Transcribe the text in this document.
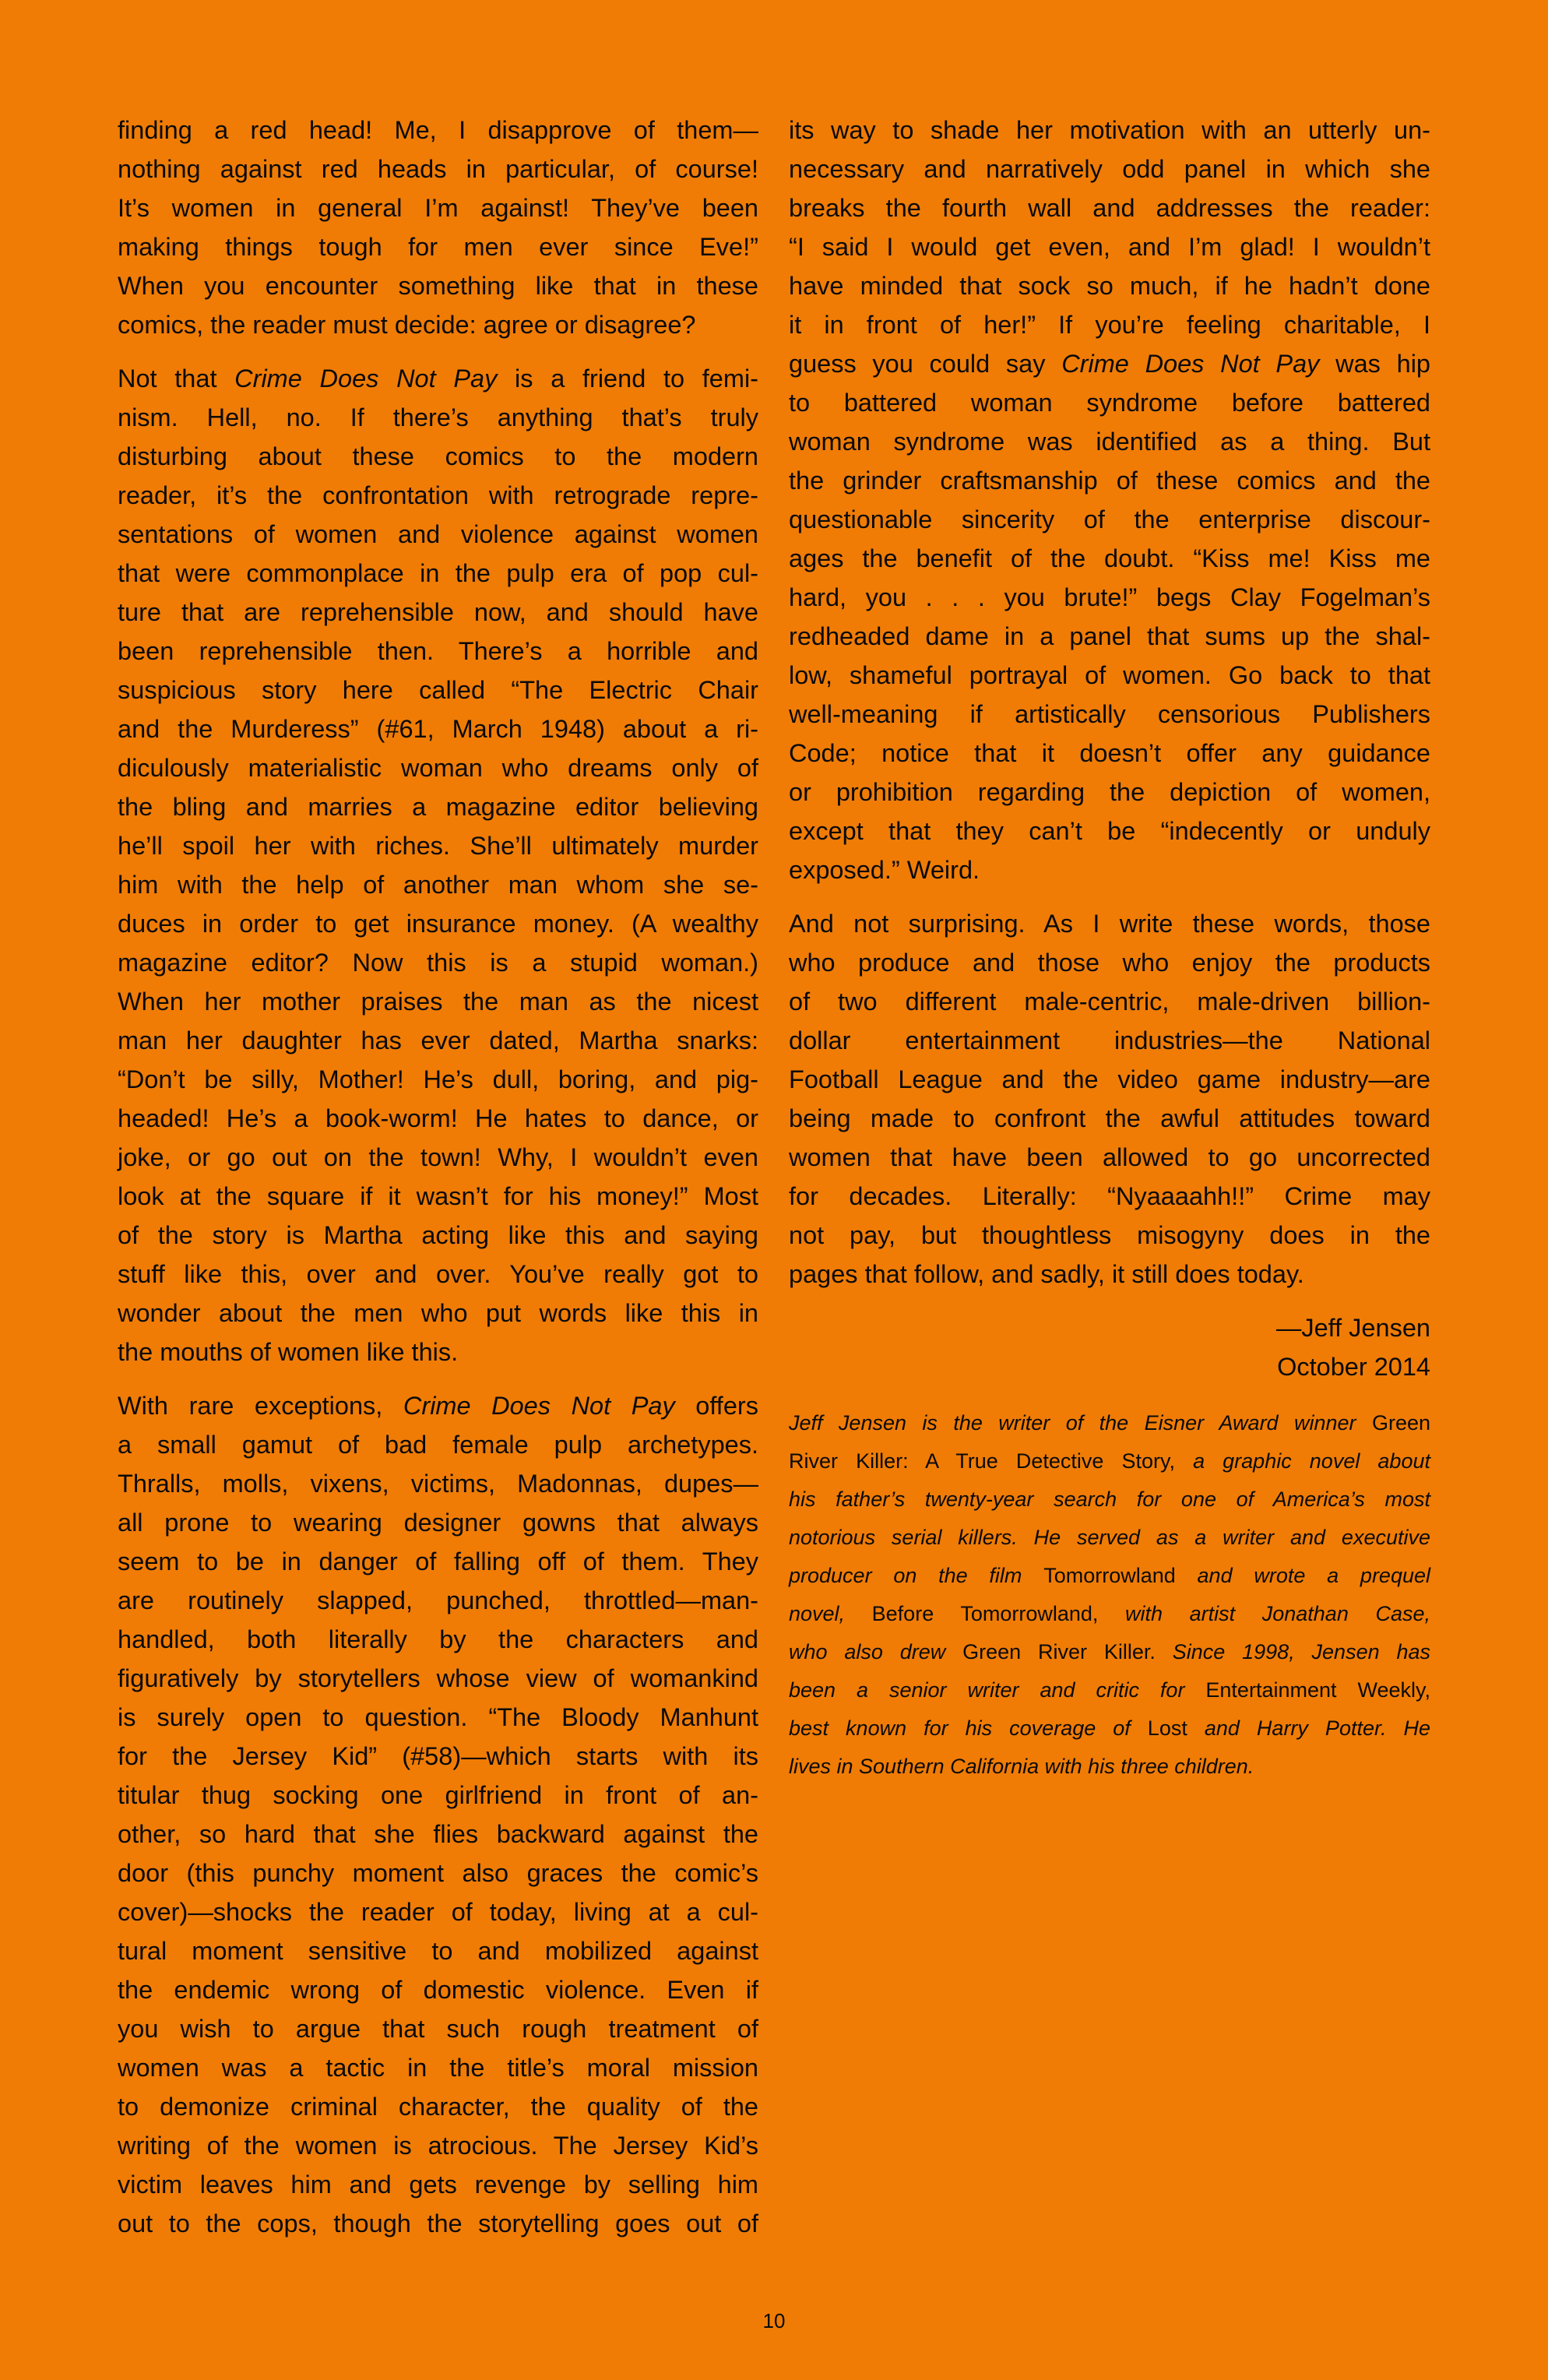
finding a red head! Me, I disapprove of them—
nothing against red heads in particular, of course!
It’s women in general I’m against! They’ve been
making things tough for men ever since Eve!”
When you encounter something like that in these
comics, the reader must decide: agree or disagree?
Not that Crime Does Not Pay is a friend to femi-
nism. Hell, no. If there’s anything that’s truly
disturbing about these comics to the modern
reader, it’s the confrontation with retrograde repre-
sentations of women and violence against women
that were commonplace in the pulp era of pop cul-
ture that are reprehensible now, and should have
been reprehensible then. There’s a horrible and
suspicious story here called “The Electric Chair
and the Murderess” (#61, March 1948) about a ri-
diculously materialistic woman who dreams only of
the bling and marries a magazine editor believing
he’ll spoil her with riches. She’ll ultimately murder
him with the help of another man whom she se-
duces in order to get insurance money. (A wealthy
magazine editor? Now this is a stupid woman.)
When her mother praises the man as the nicest
man her daughter has ever dated, Martha snarks:
“Don’t be silly, Mother! He’s dull, boring, and pig-
headed! He’s a book-worm! He hates to dance, or
joke, or go out on the town! Why, I wouldn’t even
look at the square if it wasn’t for his money!” Most
of the story is Martha acting like this and saying
stuff like this, over and over. You’ve really got to
wonder about the men who put words like this in
the mouths of women like this.
With rare exceptions, Crime Does Not Pay offers
a small gamut of bad female pulp archetypes.
Thralls, molls, vixens, victims, Madonnas, dupes—
all prone to wearing designer gowns that always
seem to be in danger of falling off of them. They
are routinely slapped, punched, throttled—man-
handled, both literally by the characters and
figuratively by storytellers whose view of womankind
is surely open to question. “The Bloody Manhunt
for the Jersey Kid” (#58)—which starts with its
titular thug socking one girlfriend in front of an-
other, so hard that she flies backward against the
door (this punchy moment also graces the comic’s
cover)—shocks the reader of today, living at a cul-
tural moment sensitive to and mobilized against
the endemic wrong of domestic violence. Even if
you wish to argue that such rough treatment of
women was a tactic in the title’s moral mission
to demonize criminal character, the quality of the
writing of the women is atrocious. The Jersey Kid’s
victim leaves him and gets revenge by selling him
out to the cops, though the storytelling goes out of
its way to shade her motivation with an utterly un-
necessary and narratively odd panel in which she
breaks the fourth wall and addresses the reader:
“I said I would get even, and I’m glad! I wouldn’t
have minded that sock so much, if he hadn’t done
it in front of her!” If you’re feeling charitable, I
guess you could say Crime Does Not Pay was hip
to battered woman syndrome before battered
woman syndrome was identified as a thing. But
the grinder craftsmanship of these comics and the
questionable sincerity of the enterprise discour-
ages the benefit of the doubt. “Kiss me! Kiss me
hard, you . . . you brute!” begs Clay Fogelman’s
redheaded dame in a panel that sums up the shal-
low, shameful portrayal of women. Go back to that
well-meaning if artistically censorious Publishers
Code; notice that it doesn’t offer any guidance
or prohibition regarding the depiction of women,
except that they can’t be “indecently or unduly
exposed.” Weird.
And not surprising. As I write these words, those
who produce and those who enjoy the products
of two different male-centric, male-driven billion-
dollar entertainment industries—the National
Football League and the video game industry—are
being made to confront the awful attitudes toward
women that have been allowed to go uncorrected
for decades. Literally: “Nyaaaahh!!” Crime may
not pay, but thoughtless misogyny does in the
pages that follow, and sadly, it still does today.
—Jeff Jensen
October 2014
Jeff Jensen is the writer of the Eisner Award winner Green
River Killer: A True Detective Story, a graphic novel about
his father’s twenty-year search for one of America’s most
notorious serial killers. He served as a writer and executive
producer on the film Tomorrowland and wrote a prequel
novel, Before Tomorrowland, with artist Jonathan Case,
who also drew Green River Killer. Since 1998, Jensen has
been a senior writer and critic for Entertainment Weekly,
best known for his coverage of Lost and Harry Potter. He
lives in Southern California with his three children.
10
